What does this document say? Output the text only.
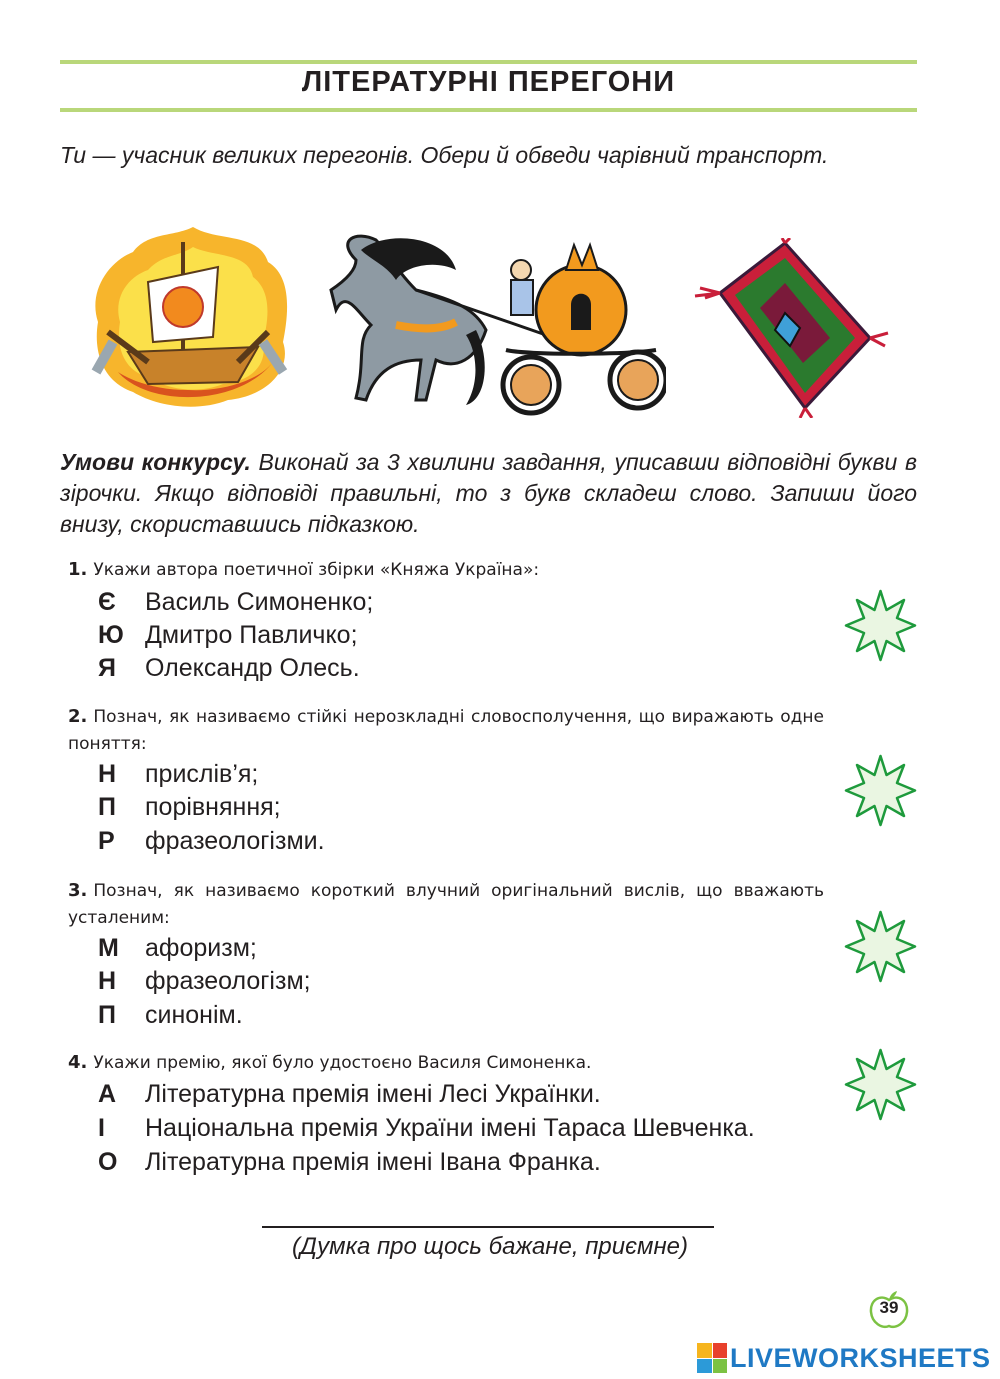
ЛІТЕРАТУРНІ ПЕРЕГОНИ
Ти — учасник великих перегонів. Обери й обведи чарівний транспорт.
Умови конкурсу. Виконай за 3 хвилини завдання, уписавши відповідні букви в зірочки. Якщо відповіді правильні, то з букв складеш слово. Запиши його внизу, скориставшись підказкою.
1. Укажи автора поетичної збірки «Княжа Україна»:
Є Василь Симоненко;
Ю Дмитро Павличко;
Я Олександр Олесь.
2. Познач, як називаємо стійкі нерозкладні словосполучення, що виражають одне поняття:
Н прислів’я;
П порівняння;
Р фразеологізми.
3. Познач, як називаємо короткий влучний оригінальний вислів, що вважають усталеним:
М афоризм;
Н фразеологізм;
П синонім.
4. Укажи премію, якої було удостоєно Василя Симоненка.
А Літературна премія імені Лесі Українки.
І Національна премія України імені Тараса Шевченка.
О Літературна премія імені Івана Франка.
(Думка про щось бажане, приємне)
39
LIVEWORKSHEETS
